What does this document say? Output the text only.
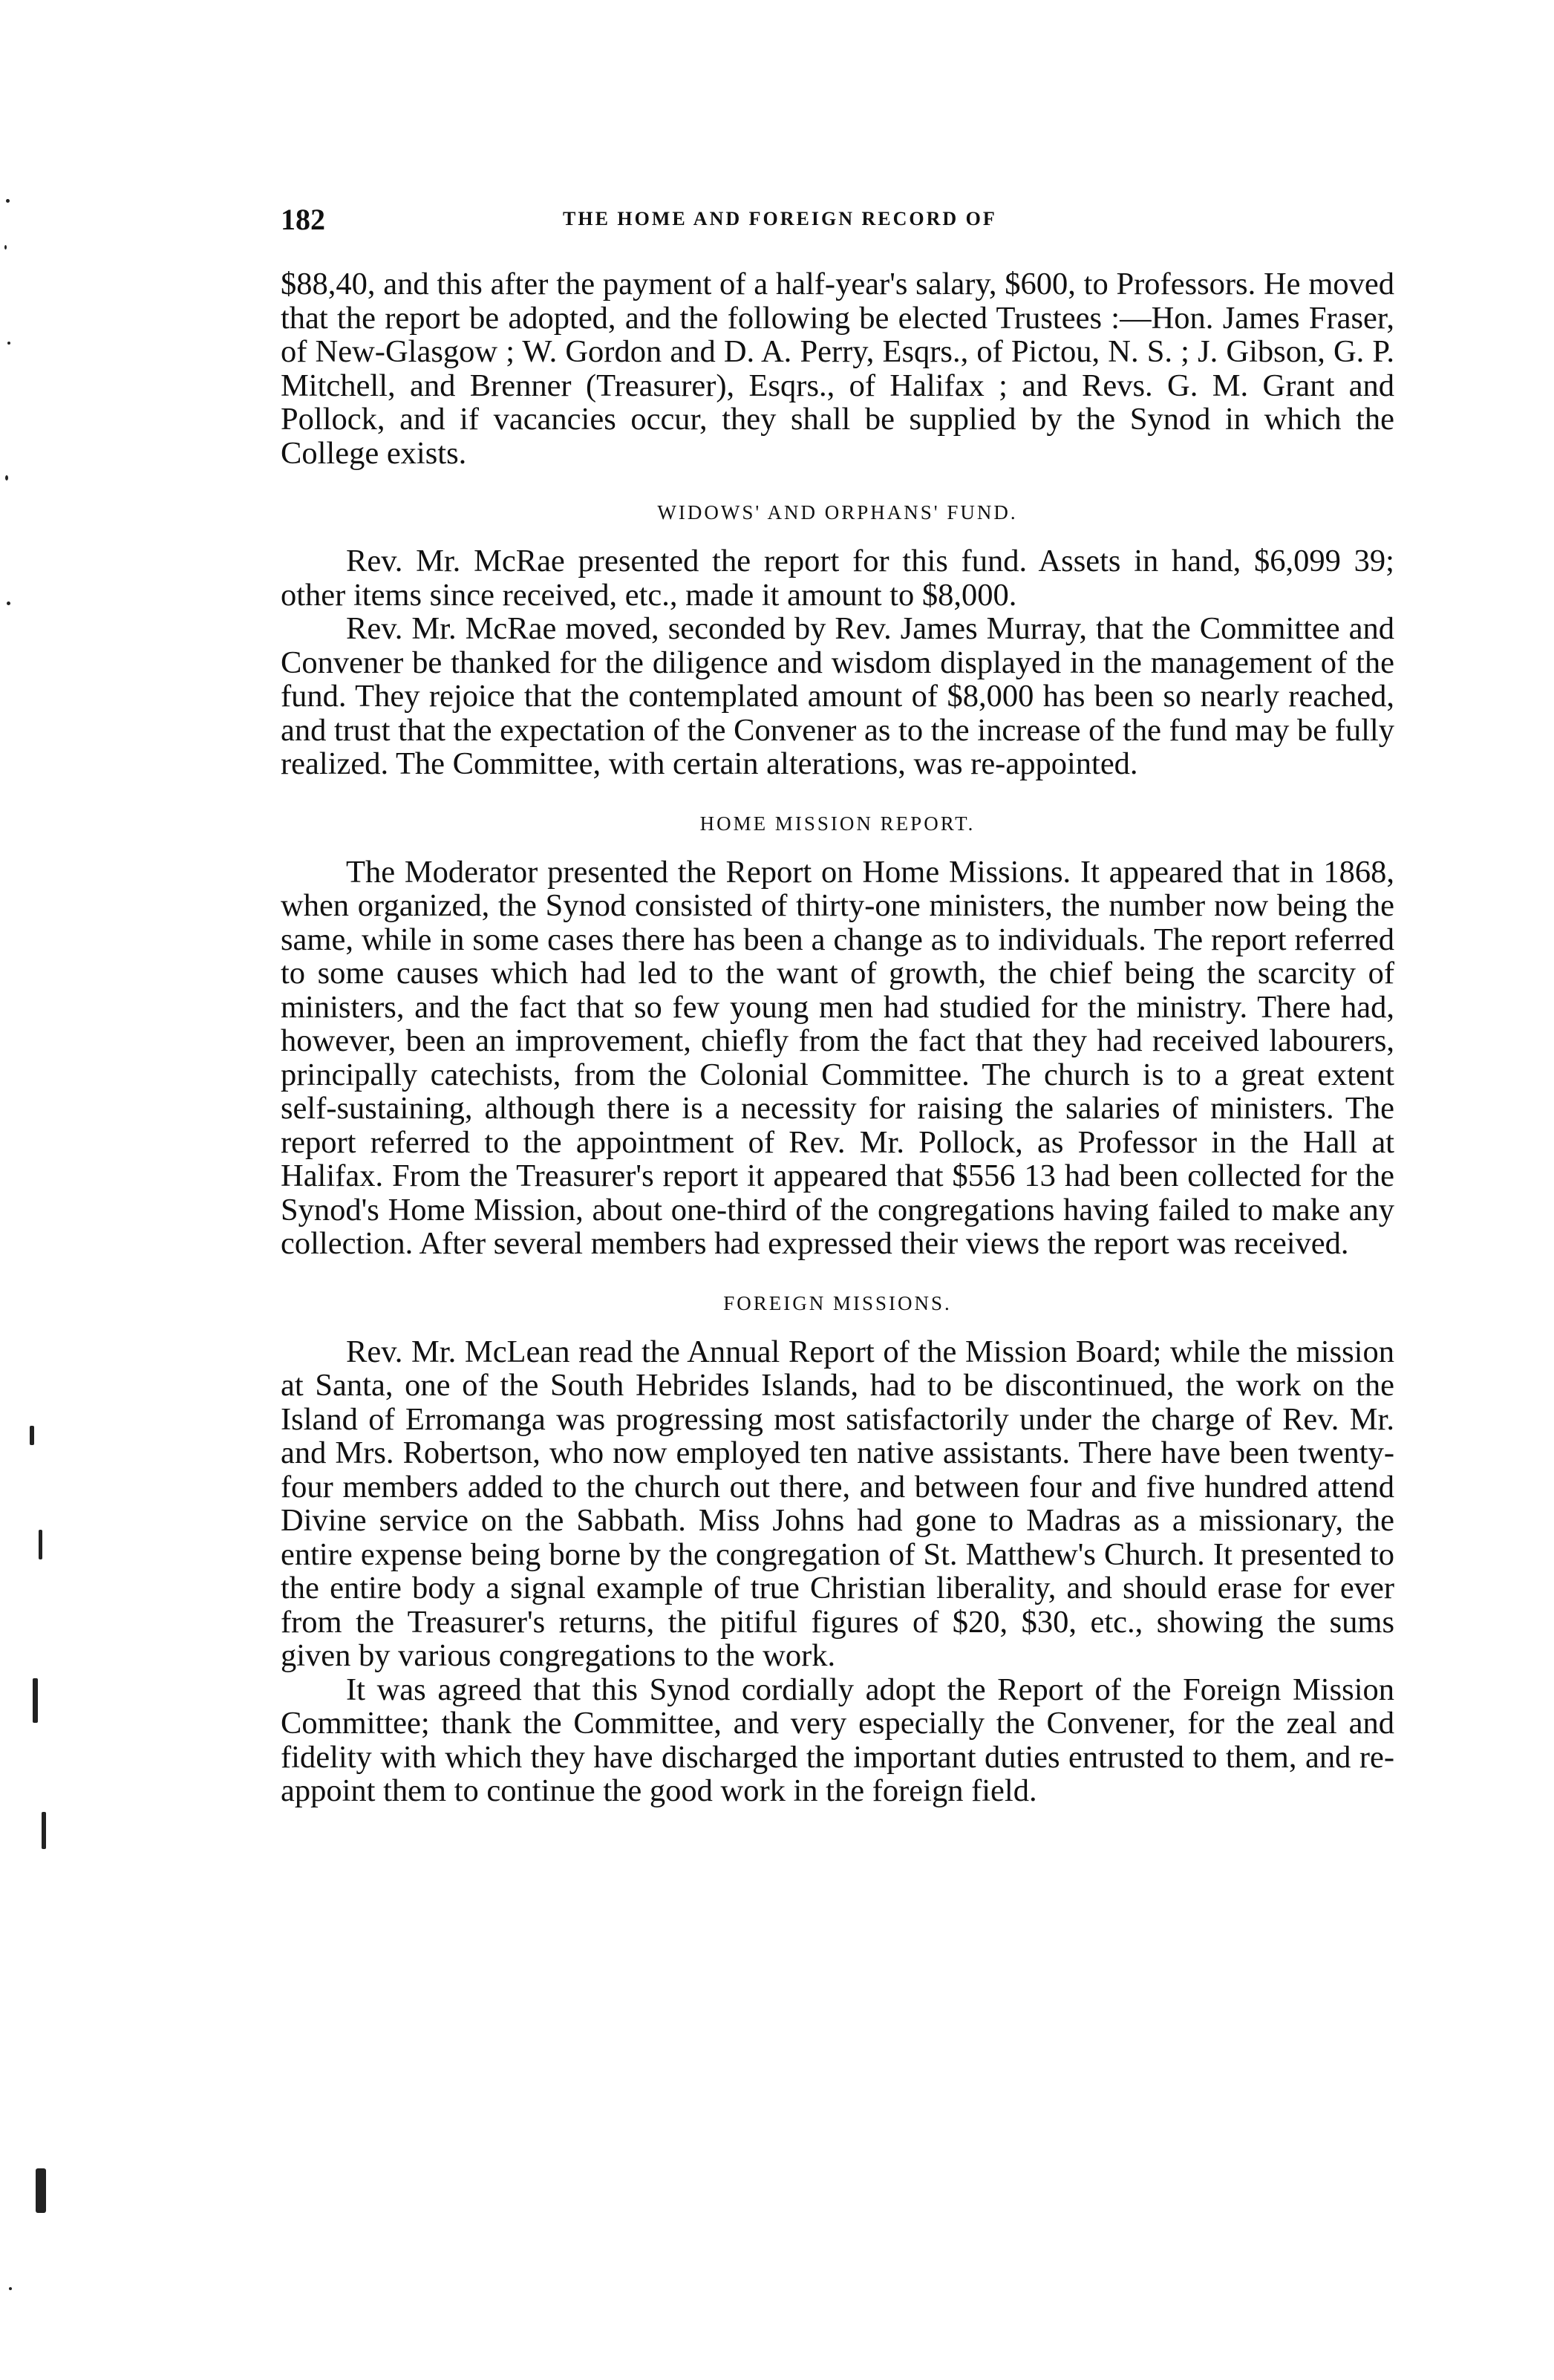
182	THE HOME AND FOREIGN RECORD OF

$88,40, and this after the payment of a half-year's salary, $600, to Professors. He moved that the report be adopted, and the following be elected Trustees :—Hon. James Fraser, of New-Glasgow ; W. Gordon and D. A. Perry, Esqrs., of Pictou, N. S. ; J. Gibson, G. P. Mitchell, and Brenner (Treasurer), Esqrs., of Halifax ; and Revs. G. M. Grant and Pollock, and if vacancies occur, they shall be supplied by the Synod in which the College exists.

WIDOWS' AND ORPHANS' FUND.

Rev. Mr. McRae presented the report for this fund. Assets in hand, $6,099 39; other items since received, etc., made it amount to $8,000.

Rev. Mr. McRae moved, seconded by Rev. James Murray, that the Committee and Convener be thanked for the diligence and wisdom displayed in the management of the fund. They rejoice that the contemplated amount of $8,000 has been so nearly reached, and trust that the expectation of the Convener as to the increase of the fund may be fully realized. The Committee, with certain alterations, was re-appointed.

HOME MISSION REPORT.

The Moderator presented the Report on Home Missions. It appeared that in 1868, when organized, the Synod consisted of thirty-one ministers, the number now being the same, while in some cases there has been a change as to individuals. The report referred to some causes which had led to the want of growth, the chief being the scarcity of ministers, and the fact that so few young men had studied for the ministry. There had, however, been an improvement, chiefly from the fact that they had received labourers, principally catechists, from the Colonial Committee. The church is to a great extent self-sustaining, although there is a necessity for raising the salaries of ministers. The report referred to the appointment of Rev. Mr. Pollock, as Professor in the Hall at Halifax. From the Treasurer's report it appeared that $556 13 had been collected for the Synod's Home Mission, about one-third of the congregations having failed to make any collection. After several members had expressed their views the report was received.

FOREIGN MISSIONS.

Rev. Mr. McLean read the Annual Report of the Mission Board; while the mission at Santa, one of the South Hebrides Islands, had to be discontinued, the work on the Island of Erromanga was progressing most satisfactorily under the charge of Rev. Mr. and Mrs. Robertson, who now employed ten native assistants. There have been twenty-four members added to the church out there, and between four and five hundred attend Divine service on the Sabbath. Miss Johns had gone to Madras as a missionary, the entire expense being borne by the congregation of St. Matthew's Church. It presented to the entire body a signal example of true Christian liberality, and should erase for ever from the Treasurer's returns, the pitiful figures of $20, $30, etc., showing the sums given by various congregations to the work.

It was agreed that this Synod cordially adopt the Report of the Foreign Mission Committee; thank the Committee, and very especially the Convener, for the zeal and fidelity with which they have discharged the important duties entrusted to them, and re-appoint them to continue the good work in the foreign field.
